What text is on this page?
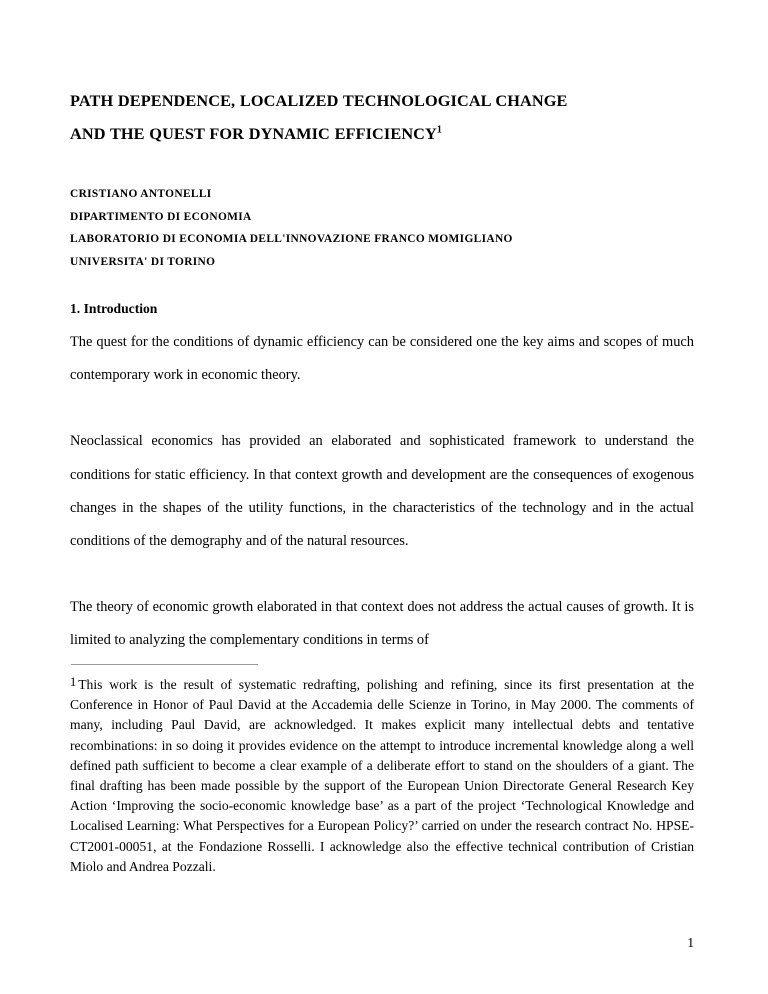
PATH DEPENDENCE, LOCALIZED TECHNOLOGICAL CHANGE
AND THE QUEST FOR DYNAMIC EFFICIENCY$^1$
CRISTIANO ANTONELLI
DIPARTIMENTO DI ECONOMIA
LABORATORIO DI ECONOMIA DELL'INNOVAZIONE FRANCO MOMIGLIANO
UNIVERSITA' DI TORINO
1. Introduction

The quest for the conditions of dynamic efficiency can be considered one the key aims and scopes of much contemporary work in economic theory.

Neoclassical economics has provided an elaborated and sophisticated framework to understand the conditions for static efficiency. In that context growth and development are the consequences of exogenous changes in the shapes of the utility functions, in the characteristics of the technology and in the actual conditions of the demography and of the natural resources.

The theory of economic growth elaborated in that context does not address the actual causes of growth. It is limited to analyzing the complementary conditions in terms of

1 This work is the result of systematic redrafting, polishing and refining, since its first presentation at the Conference in Honor of Paul David at the Accademia delle Scienze in Torino, in May 2000. The comments of many, including Paul David, are acknowledged. It makes explicit many intellectual debts and tentative recombinations: in so doing it provides evidence on the attempt to introduce incremental knowledge along a well defined path sufficient to become a clear example of a deliberate effort to stand on the shoulders of a giant. The final drafting has been made possible by the support of the European Union Directorate General Research Key Action ‘Improving the socio-economic knowledge base’ as a part of the project ‘Technological Knowledge and Localised Learning: What Perspectives for a European Policy?’ carried on under the research contract No. HPSE-CT2001-00051, at the Fondazione Rosselli. I acknowledge also the effective technical contribution of Cristian Miolo and Andrea Pozzali.

1
